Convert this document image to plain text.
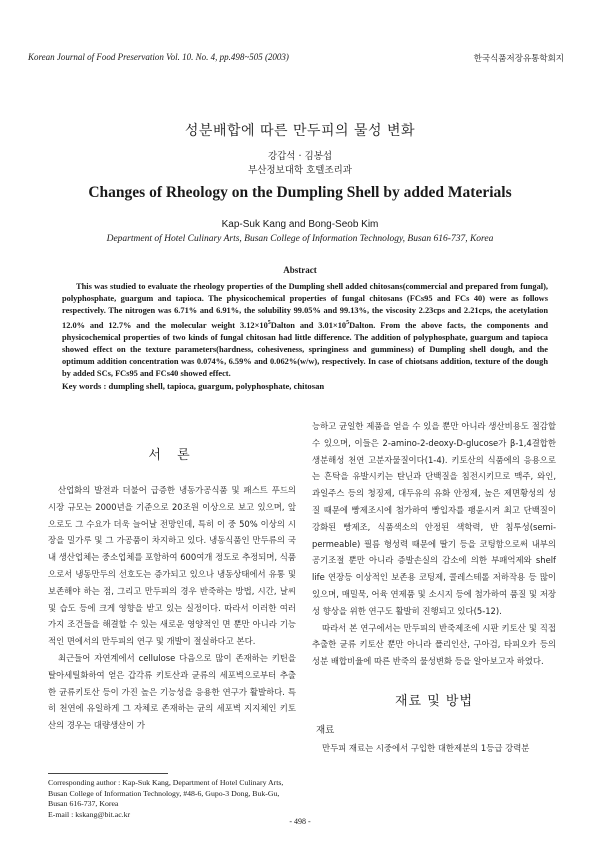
Korean Journal of Food Preservation Vol. 10. No. 4, pp.498~505 (2003)	한국식품저장유통학회지
성분배합에 따른 만두피의 물성 변화
강갑석 · 김봉섭
부산정보대학 호텔조리과
Changes of Rheology on the Dumpling Shell by added Materials
Kap-Suk Kang and Bong-Seob Kim
Department of Hotel Culinary Arts, Busan College of Information Technology, Busan 616-737, Korea
Abstract
This was studied to evaluate the rheology properties of the Dumpling shell added chitosans(commercial and prepared from fungal), polyphosphate, guargum and tapioca. The physicochemical properties of fungal chitosans (FCs95 and FCs 40) were as follows respectively. The nitrogen was 6.71% and 6.91%, the solubility 99.05% and 99.13%, the viscosity 2.23cps and 2.21cps, the acetylation 12.0% and 12.7% and the molecular weight $3.12\times 10^5Dalton$ and $3.01\times 10^5Dalton$. From the above facts, the components and physicochemical properties of two kinds of fungal chitosan had little difference. The addition of polyphosphate, guargum and tapioca showed effect on the texture parameters(hardness, cohesiveness, springiness and gumminess) of Dumpling shell dough, and the optimum addition concentration was 0.074%, 6.59% and 0.062%(w/w), respectively. In case of chiotsans addition, texture of the dough by added SCs, FCs95 and FCs40 showed effect.
Key words : dumpling shell, tapioca, guargum, polyphosphate, chitosan
서 론

산업화의 발전과 더불어 급증한 냉동가공식품 및 패스트 푸드의 시장 규모는 2000년을 기준으로 20조원 이상으로 보고 있으며, 앞으로도 그 수요가 더욱 늘어날 전망인데, 특히 이 중 50% 이상의 시장을 밀가루 및 그 가공품이 차지하고 있다. 냉동식품인 만두류의 국내 생산업체는 중소업체를 포함하여 600여개 정도로 추정되며, 식품으로서 냉동만두의 선호도는 증가되고 있으나 냉동상태에서 유통 및 보존해야 하는 점, 그리고 만두피의 경우 반죽하는 방법, 시간, 날씨 및 습도 등에 크게 영향을 받고 있는 실정이다. 따라서 이러한 여러 가지 조건들을 해결할 수 있는 새로운 영양적인 면 뿐만 아니라 기능적인 면에서의 만두피의 연구 및 개발이 절실하다고 본다.

최근들어 자연계에서 cellulose 다음으로 많이 존재하는 키틴을 탈아세틸화하여 얻은 갑각류 키토산과 균류의 세포벽으로부터 추출한 균류키토산 등이 가진 높은 기능성을 응용한 연구가 활발하다. 특히 천연에 유일하게 그 자체로 존재하는 균의 세포벽 지지체인 키토산의 경우는 대량생산이 가

능하고 균일한 제품을 얻을 수 있을 뿐만 아니라 생산비용도 절감할 수 있으며, 이들은 2-amino-2-deoxy-D-glucose가 β-1,4결합한 생분해성 천연 고분자물질이다(1-4). 키토산의 식품에의 응용으로는 흔탁을 유발시키는 탄닌과 단백질을 침전시키므로 맥주, 와인, 과일주스 등의 청징제, 대두유의 유화 안정제, 높은 제면황성의 성질 때문에 빵제조시에 첨가하여 빵입자를 팽윤시켜 최고 단백질이 강화된 빵제조, 식품색소의 안정된 색학력, 반 침투성(semi-permeable) 필름 형성력 때문에 딸기 등을 코팅함으로써 내부의 공기조절 뿐만 아니라 증발손실의 감소에 의한 부패억제와 shelf life 연장등 이상적인 보존용 코팅제, 콜레스테롤 저하작용 등 많이 있으며, 매밀묵, 어육 연제품 및 소시지 등에 첨가하여 품질 및 저장성 향상을 위한 연구도 활발히 진행되고 있다(5-12).

따라서 본 연구에서는 만두피의 반죽제조에 시판 키토산 및 직접 추출한 균류 키토산 뿐만 아니라 폴리인산, 구아검, 타피오카 등의 성분 배합비율에 따른 반죽의 물성변화 등을 알아보고자 하였다.

재료 및 방법
재료

만두피 재료는 시중에서 구입한 대한제분의 1등급 강력분

Corresponding author : Kap-Suk Kang, Department of Hotel Culinary Arts, Busan College of Information Technology, #48-6, Gupo-3 Dong, Buk-Gu, Busan 616-737, Korea
E-mail : kskang@bit.ac.kr
- 498 -
